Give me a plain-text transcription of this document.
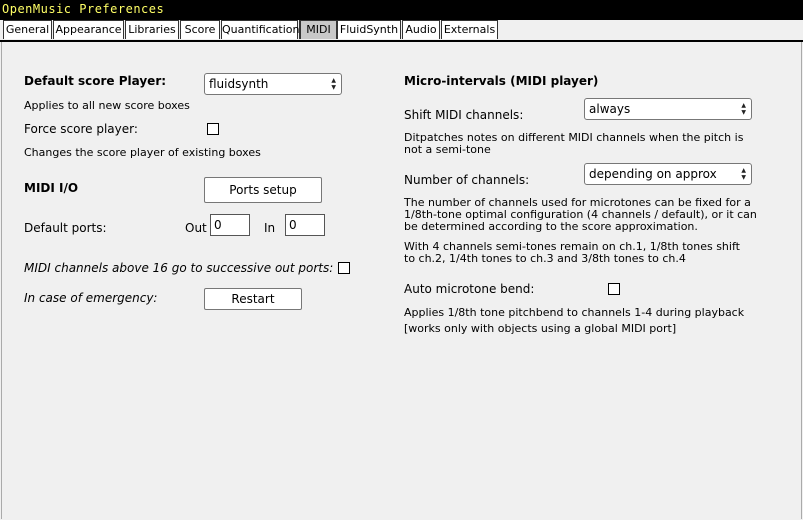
OpenMusic Preferences
General Appearance Libraries Score Quantification MIDI FluidSynth Audio Externals
Default score Player:	fluidsynth	▲
▼
Applies to all new score boxes
Force score player:
Changes the score player of existing boxes
MIDI I/O	Ports setup
Default ports:	Out 0	In	0
MIDI channels above 16 go to successive out ports:
In case of emergency:	Restart
Micro-intervals (MIDI player)
Shift MIDI channels:	always	▲
▼
Ditpatches notes on different MIDI channels when the pitch is not a semi-tone
Number of channels:	depending on approx	▲
▼
The number of channels used for microtones can be fixed for a 1/8th-tone optimal configuration (4 channels / default), or it can be determined according to the score approximation.
With 4 channels semi-tones remain on ch.1, 1/8th tones shift to ch.2, 1/4th tones to ch.3 and 3/8th tones to ch.4
Auto microtone bend:
Applies 1/8th tone pitchbend to channels 1-4 during playback
[works only with objects using a global MIDI port]
